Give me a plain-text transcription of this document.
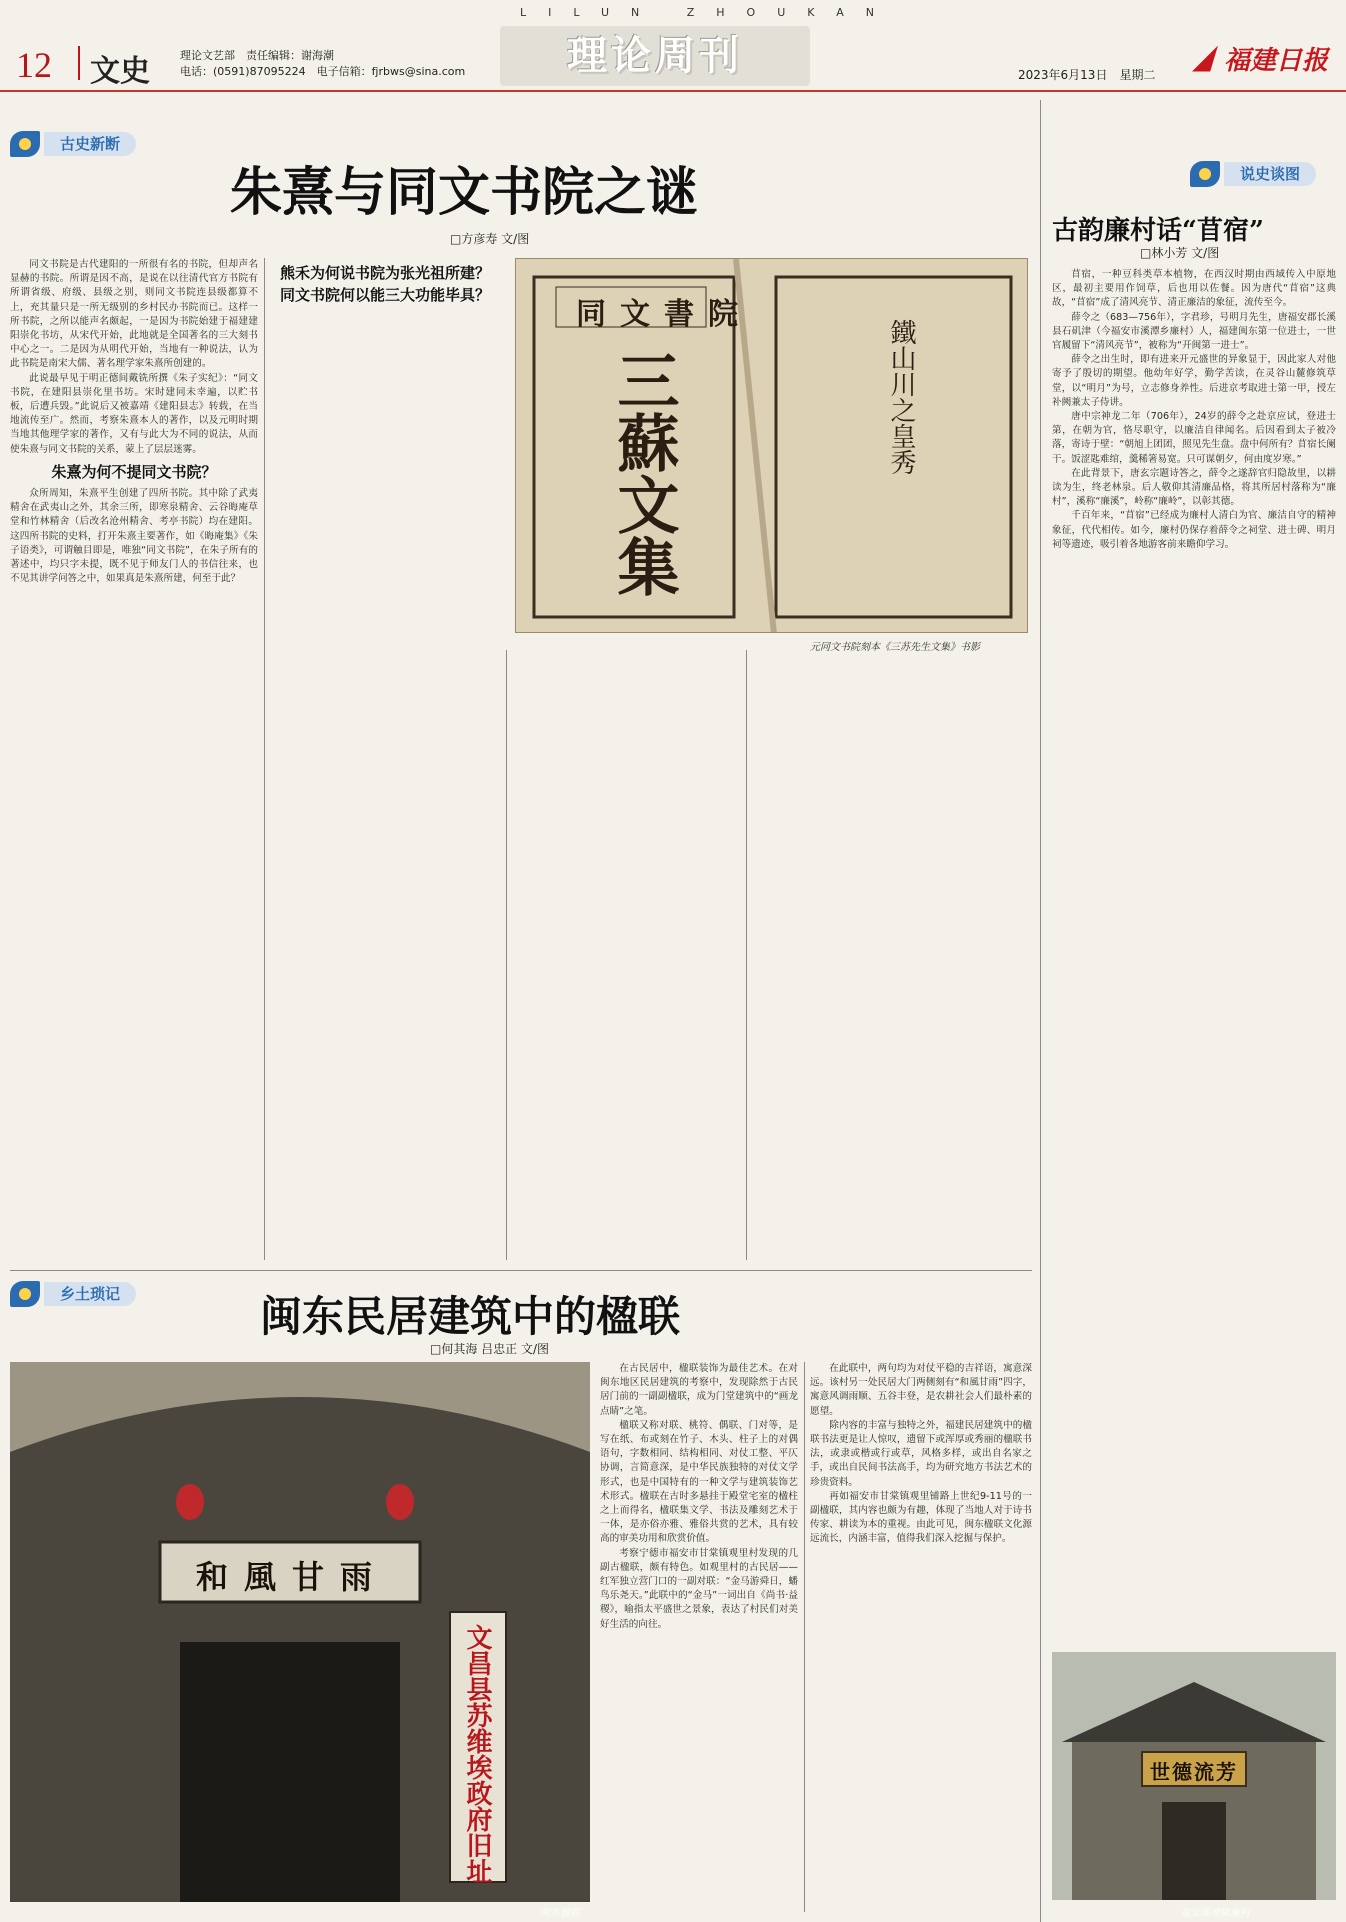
LILUN ZHOUKAN
12 文史	理论文艺部　责任编辑：谢海潮
电话：(0591)87095224　电子信箱：fjrbws@sina.com	理论周刊	2023年6月13日　星期二	福建日报
古史新断
朱熹与同文书院之谜
□方彦寿 文/图

同文书院是古代建阳的一所很有名的书院，但却声名显赫的书院。所谓是因不高，是说在以往清代官方书院有所谓省级、府级、县级之别，则同文书院连县级都算不上，充其量只是一所无级别的乡村民办书院而已。这样一所书院，之所以能声名颇起，一是因为书院始建于福建建阳崇化书坊，从宋代开始，此地就是全国著名的三大刻书中心之一。二是因为从明代开始，当地有一种说法，认为此书院是南宋大儒、著名理学家朱熹所创建的。

此说最早见于明正德间戴铣所撰《朱子实纪》：“同文书院，在建阳县崇化里书坊。宋时建同未幸遍，以贮书板，后遭兵毁。”此说后又被嘉靖《建阳县志》转载，在当地流传至广。然而，考察朱熹本人的著作，以及元明时期当地其他理学家的著作，又有与此大为不同的说法，从而使朱熹与同文书院的关系，蒙上了层层迷雾。

朱熹为何不提同文书院？

众所周知，朱熹平生创建了四所书院。其中除了武夷精舍在武夷山之外，其余三所，即寒泉精舍、云谷晦庵草堂和竹林精舍（后改名沧州精舍、考亭书院）均在建阳。这四所书院的史料，打开朱熹主要著作，如《晦庵集》《朱子语类》，可谓触目即是，唯独“同文书院”，在朱子所有的著述中，均只字未提，既不见于师友门人的书信往来，也不见其讲学问答之中，如果真是朱熹所建，何至于此？

熊禾为何说书院为张光祖所建？
同文书院何以能三大功能毕具？
同文書院
三蘇文集	鐵山川之皇秀
元同文书院刻本《三苏先生文集》书影
说史谈图
古韵廉村话“苜宿”
□林小芳 文/图

苜宿，一种豆科类草本植物，在西汉时期由西域传入中原地区，最初主要用作饲草，后也用以佐餐。因为唐代“苜宿”这典故，“苜宿”成了清风亮节、清正廉洁的象征，流传至今。

薛令之（683—756年），字君珍，号明月先生，唐福安郡长溪县石矶津（今福安市溪潭乡廉村）人，福建闽东第一位进士，一世官履留下“清风亮节”，被称为“开闽第一进士”。

薛令之出生时，即有进来开元盛世的异象显于，因此家人对他寄予了殷切的期望。他幼年好学，勤学苦读，在灵谷山麓修筑草堂，以“明月”为号，立志修身养性。后进京考取进士第一甲，授左补阙兼太子侍讲。

唐中宗神龙二年（706年），24岁的薛令之赴京应试，登进士第，在朝为官，恪尽职守，以廉洁自律闻名。后因看到太子被冷落，寄诗于壁：“朝旭上团团，照见先生盘。盘中何所有？苜宿长阑干。饭涩匙难绾，羹稀箸易宽。只可谋朝夕，何由度岁寒。”

在此背景下，唐玄宗题诗答之，薛令之遂辞官归隐故里，以耕读为生，终老林泉。后人敬仰其清廉品格，将其所居村落称为“廉村”，溪称“廉溪”，岭称“廉岭”，以彰其德。

千百年来，“苜宿”已经成为廉村人清白为官、廉洁自守的精神象征，代代相传。如今，廉村仍保存着薛令之祠堂、进士碑、明月祠等遗迹，吸引着各地游客前来瞻仰学习。

世德流芳
福安溪潭镇廉村
乡土琐记	闽东民居建筑中的楹联
□何其海 吕忠正 文/图
和風甘雨
文昌县苏维埃政府旧址
闽东楹联

在古民居中，楹联装饰为最佳艺术。在对闽东地区民居建筑的考察中，发现除然于古民居门前的一副副楹联，成为门堂建筑中的“画龙点睛”之笔。

楹联又称对联、桃符、偶联、门对等，是写在纸、布或刻在竹子、木头、柱子上的对偶语句，字数相同、结构相同、对仗工整、平仄协调，言简意深，是中华民族独特的对仗文学形式，也是中国特有的一种文学与建筑装饰艺术形式。楹联在古时多悬挂于殿堂宅室的楹柱之上而得名，楹联集文学、书法及雕刻艺术于一体，是亦俗亦雅、雅俗共赏的艺术，具有较高的审美功用和欣赏价值。

考察宁德市福安市甘棠镇观里村发现的几副古楹联，颇有特色。如观里村的古民居——红军独立营门口的一副对联：“金马游舜日，蟠鸟乐尧天。”此联中的“金马”一词出自《尚书·益稷》，喻指太平盛世之景象，表达了村民们对美好生活的向往。

在此联中，两句均为对仗平稳的吉祥语，寓意深远。该村另一处民居大门两侧刻有“和風甘雨”四字，寓意风调雨顺、五谷丰登，是农耕社会人们最朴素的愿望。

除内容的丰富与独特之外，福建民居建筑中的楹联书法更是让人惊叹，遗留下或浑厚或秀丽的楹联书法，或隶或楷或行或草，风格多样，或出自名家之手，或出自民间书法高手，均为研究地方书法艺术的珍贵资料。

再如福安市甘棠镇观里铺路上世纪9-11号的一副楹联，其内容也颇为有趣，体现了当地人对于诗书传家、耕读为本的重视。由此可见，闽东楹联文化源远流长，内涵丰富，值得我们深入挖掘与保护。
